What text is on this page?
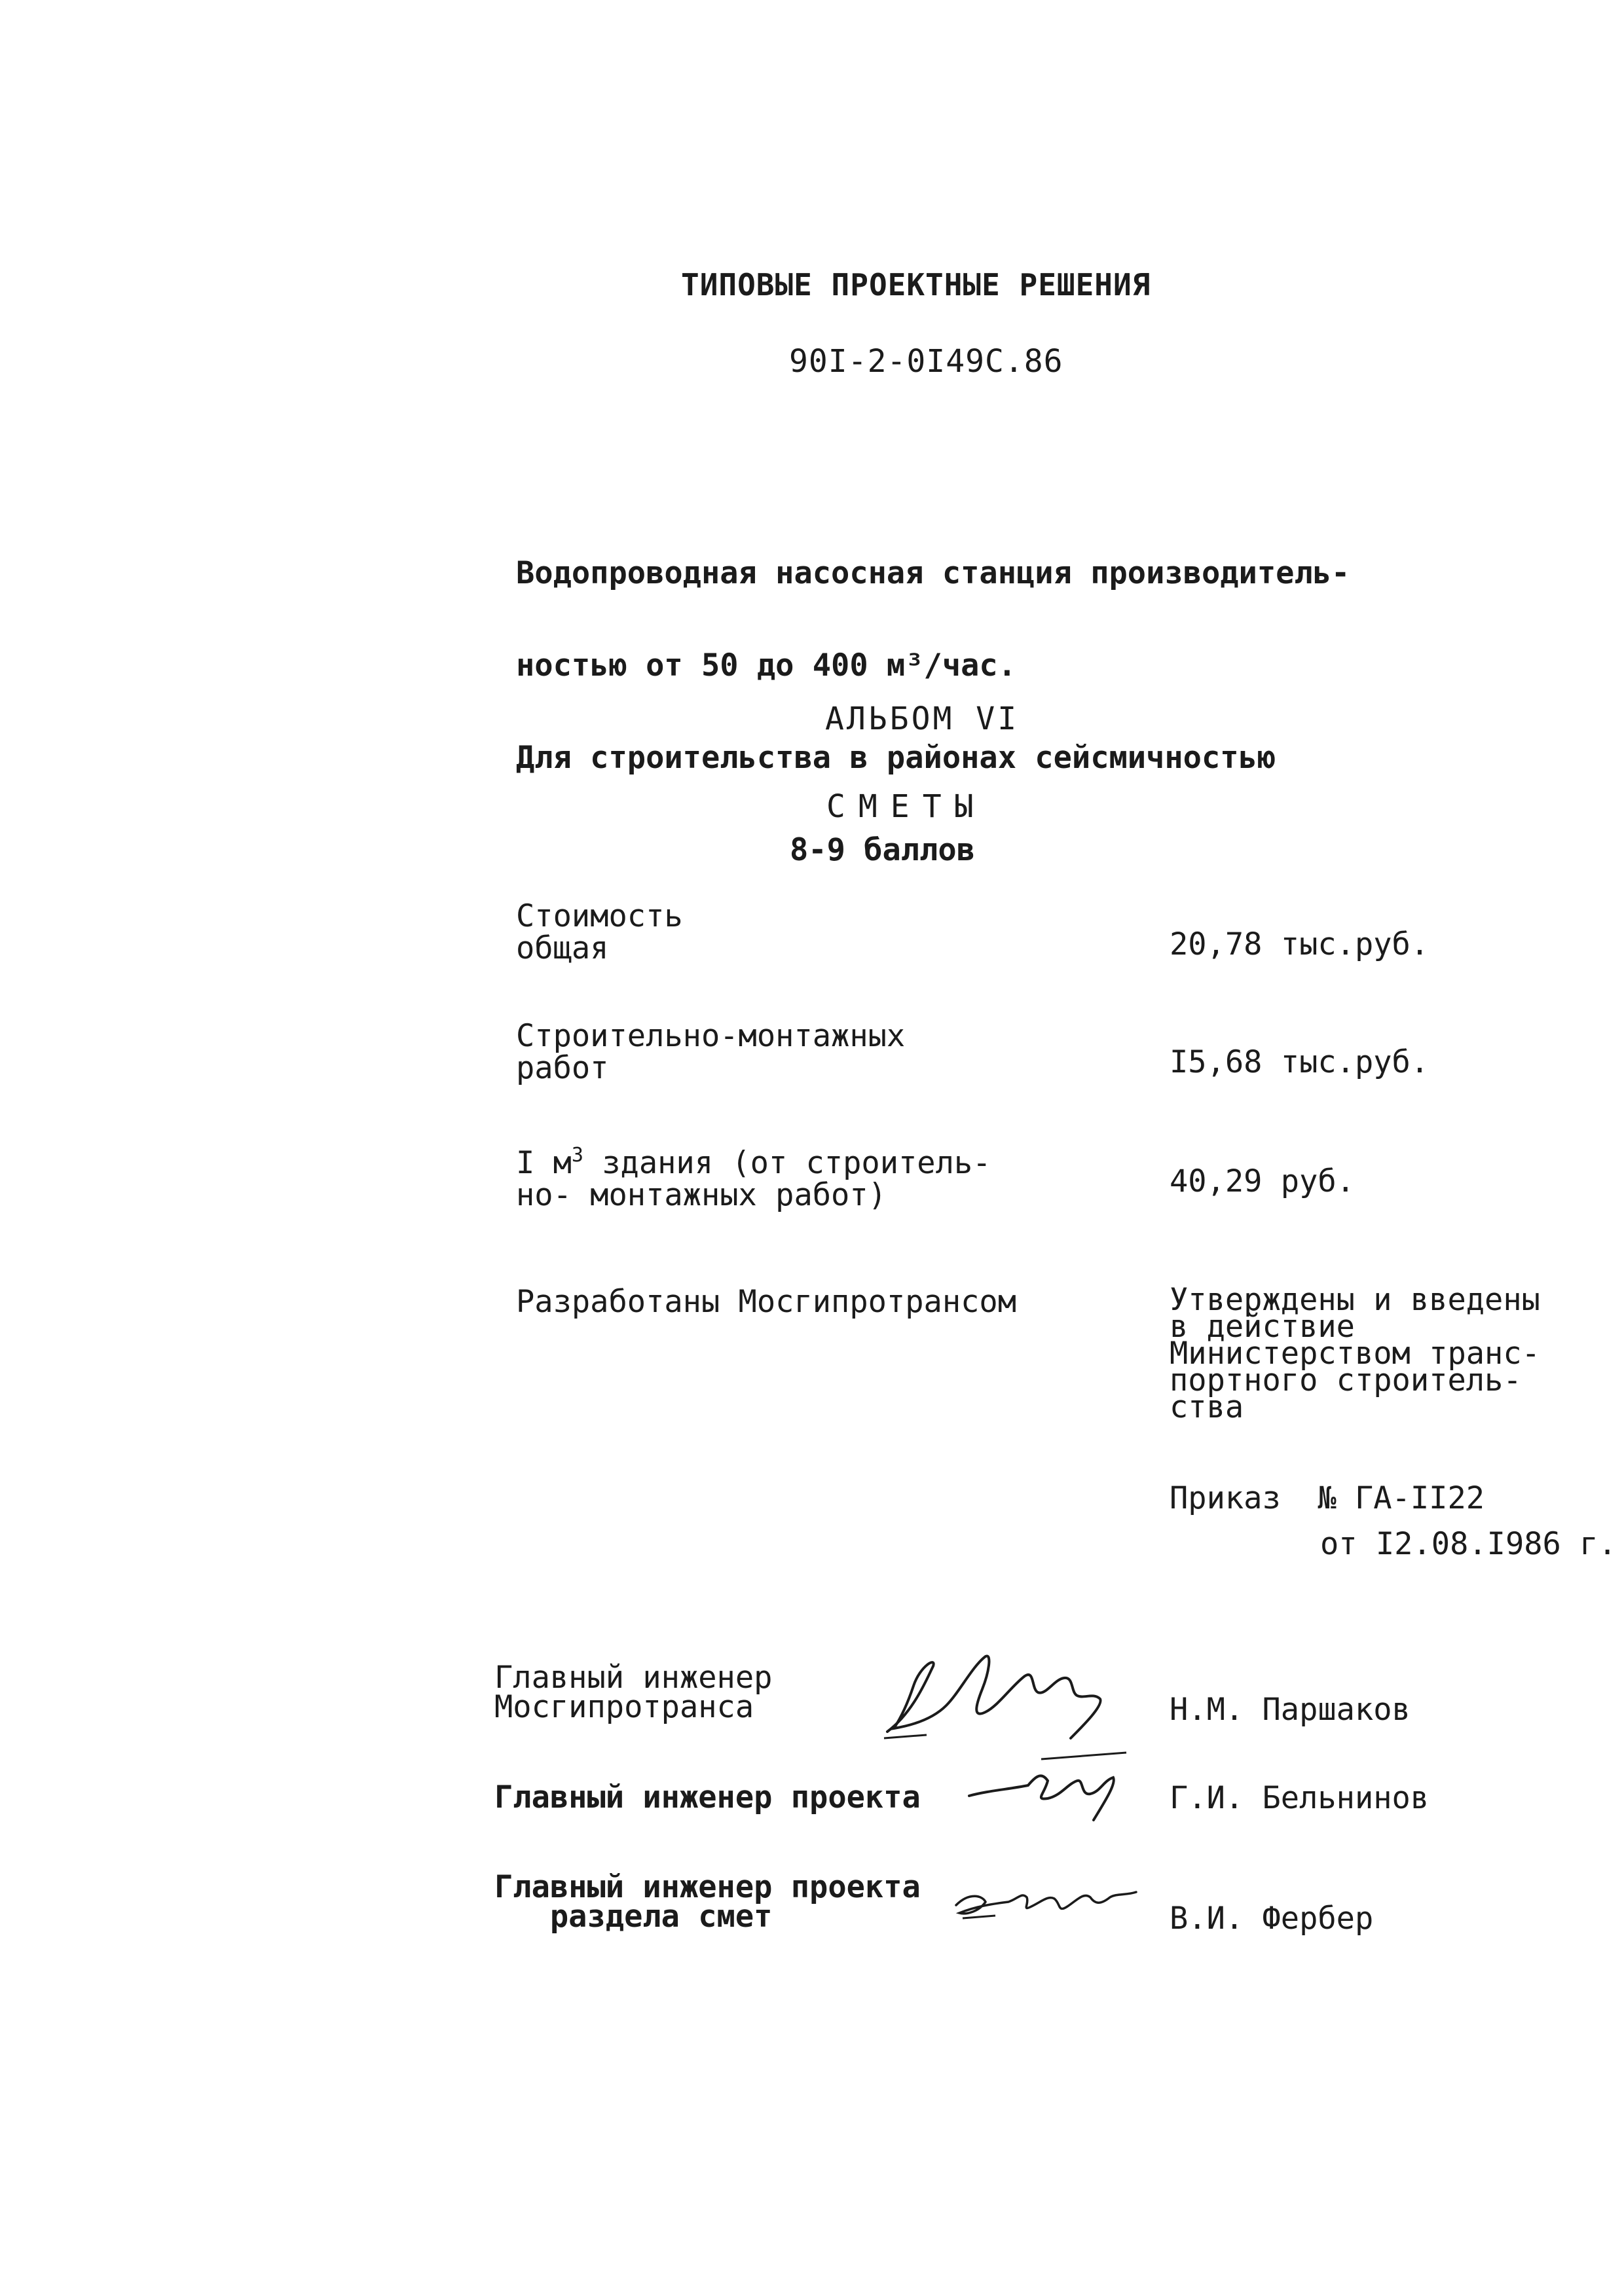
ТИПОВЫЕ ПРОЕКТНЫЕ РЕШЕНИЯ
90I-2-0I49С.86

Водопроводная насосная станция производитель-

ностью от 50 до 400 м³/час.

Для строительства в районах сейсмичностью

8-9 баллов

АЛЬБОМ VI
СМЕТЫ
Стоимость
общая	20,78 тыс.руб.
Строительно-монтажных
работ	I5,68 тыс.руб.
I $м^3$ здания (от строитель-
но- монтажных работ)	40,29 руб.
Разработаны Мосгипротрансом	Утверждены и введены
в действие
Министерством транс-
портного строитель-
ства
Приказ  № ГА-II22
от I2.08.I986 г.
Главный инженер
Мосгипротранса	Н.М. Паршаков
Главный инженер проекта	Г.И. Бельнинов
Главный инженер проекта
раздела смет	В.И. Фербер
